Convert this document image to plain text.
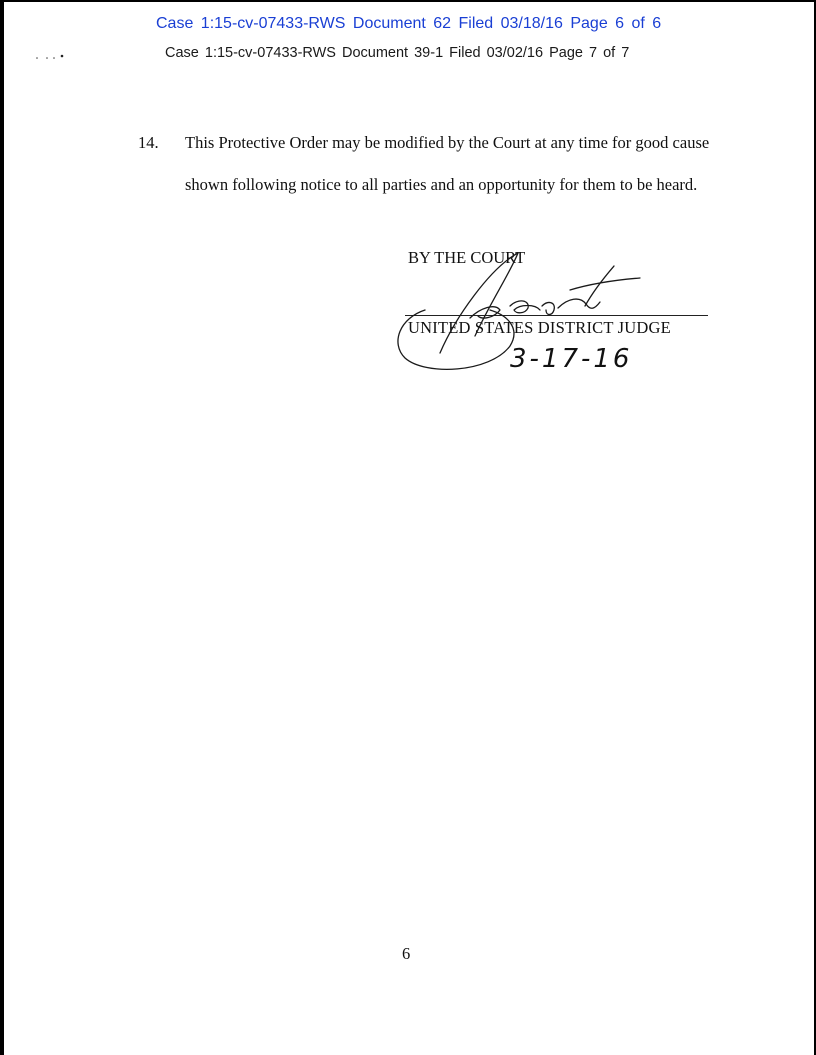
Case 1:15-cv-07433-RWS Document 62 Filed 03/18/16 Page 6 of 6
Case 1:15-cv-07433-RWS Document 39-1 Filed 03/02/16 Page 7 of 7
14. This Protective Order may be modified by the Court at any time for good cause
shown following notice to all parties and an opportunity for them to be heard.
BY THE COURT
UNITED STATES DISTRICT JUDGE
3-17-16
6
